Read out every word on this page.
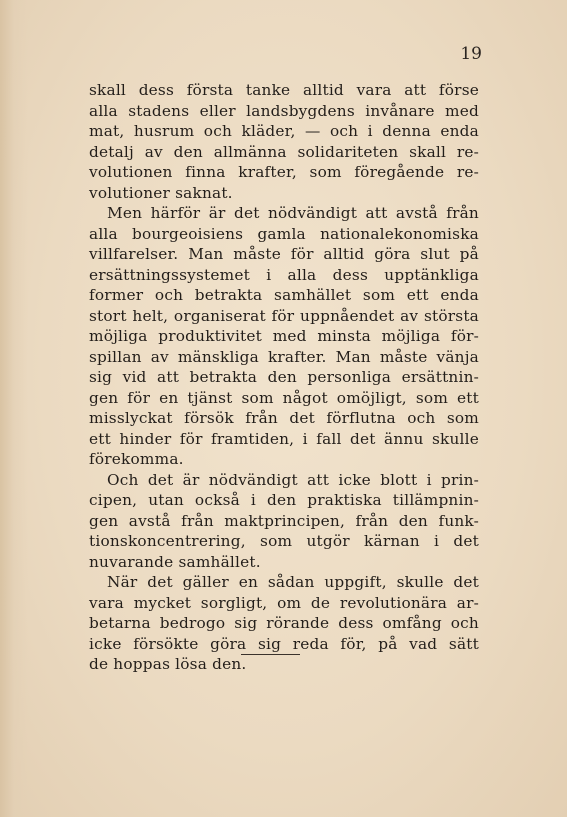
19
skall dess första tanke alltid vara att förse
alla stadens eller landsbygdens invånare med
mat, husrum och kläder, — och i denna enda
detalj av den allmänna solidariteten skall re-
volutionen finna krafter, som föregående re-
volutioner saknat.
Men härför är det nödvändigt att avstå från
alla bourgeoisiens gamla nationalekonomiska
villfarelser. Man måste för alltid göra slut på
ersättningssystemet i alla dess upptänkliga
former och betrakta samhället som ett enda
stort helt, organiserat för uppnåendet av största
möjliga produktivitet med minsta möjliga för-
spillan av mänskliga krafter. Man måste vänja
sig vid att betrakta den personliga ersättnin-
gen för en tjänst som något omöjligt, som ett
misslyckat försök från det förflutna och som
ett hinder för framtiden, i fall det ännu skulle
förekomma.
Och det är nödvändigt att icke blott i prin-
cipen, utan också i den praktiska tillämpnin-
gen avstå från maktprincipen, från den funk-
tionskoncentrering, som utgör kärnan i det
nuvarande samhället.
När det gäller en sådan uppgift, skulle det
vara mycket sorgligt, om de revolutionära ar-
betarna bedrogo sig rörande dess omfång och
icke försökte göra sig reda för, på vad sätt
de hoppas lösa den.
